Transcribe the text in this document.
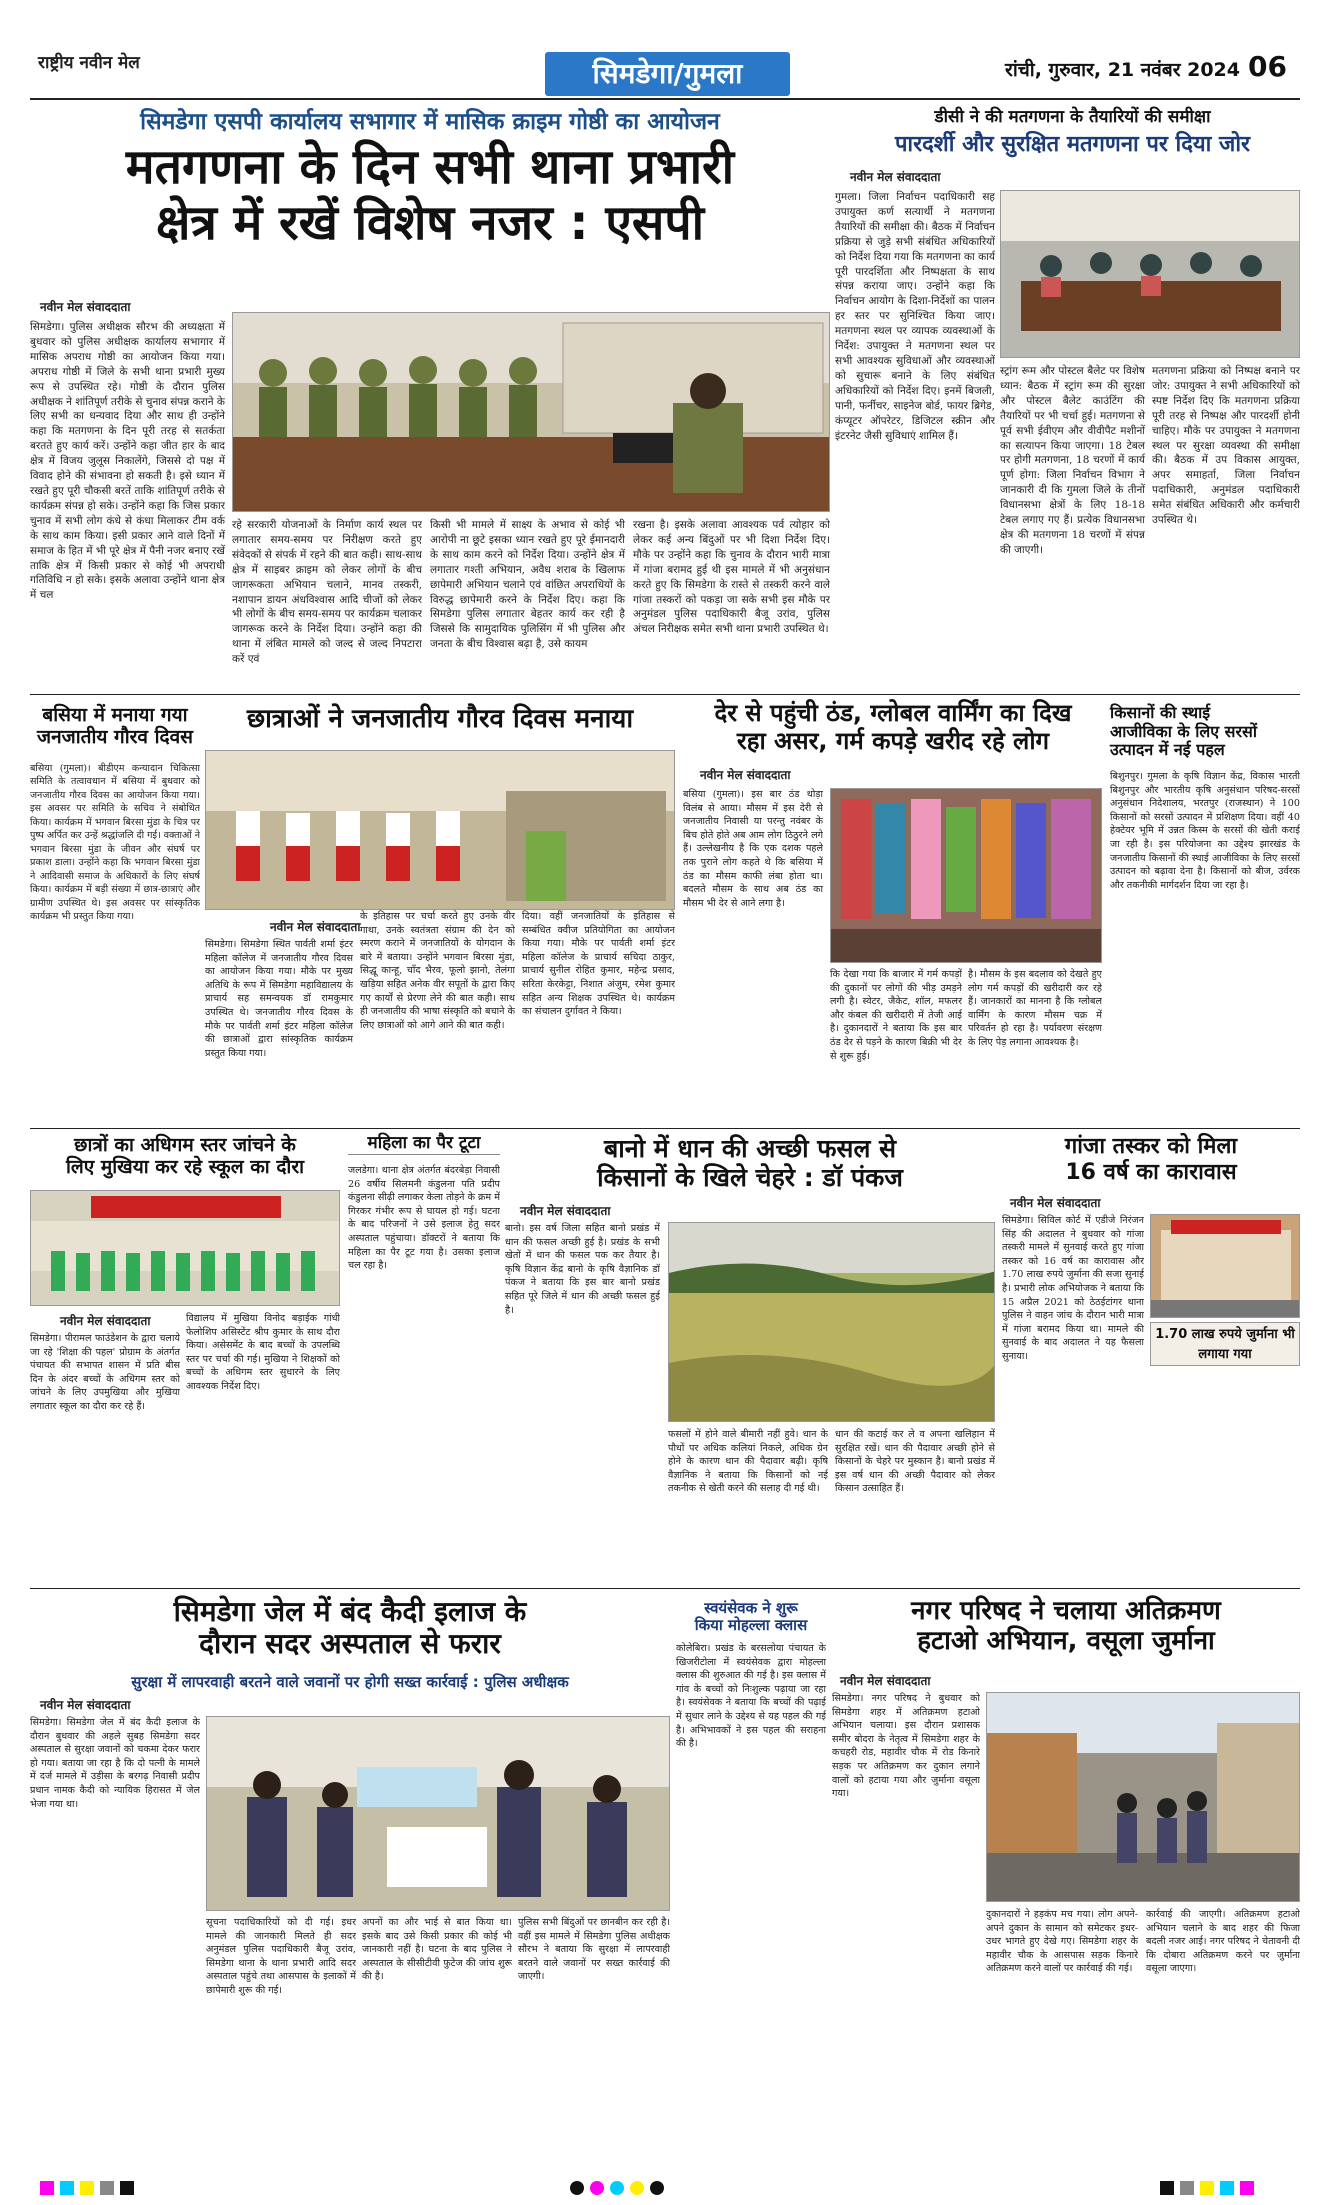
राष्ट्रीय नवीन मेल	सिमडेगा/गुमला	रांची, गुरुवार, 21 नवंबर 2024 06
सिमडेगा एसपी कार्यालय सभागार में मासिक क्राइम गोष्ठी का आयोजन
मतगणना के दिन सभी थाना प्रभारी
क्षेत्र में रखें विशेष नजर : एसपी
नवीन मेल संवाददाता
सिमडेगा। पुलिस अधीक्षक सौरभ की अध्यक्षता में बुधवार को पुलिस अधीक्षक कार्यालय सभागार में मासिक अपराध गोष्ठी का आयोजन किया गया। अपराध गोष्ठी में जिले के सभी थाना प्रभारी मुख्य रूप से उपस्थित रहे। गोष्ठी के दौरान पुलिस अधीक्षक ने शांतिपूर्ण तरीके से चुनाव संपन्न कराने के लिए सभी का धन्यवाद दिया और साथ ही उन्होंने कहा कि मतगणना के दिन पूरी तरह से सतर्कता बरतते हुए कार्य करें। उन्होंने कहा जीत हार के बाद क्षेत्र में विजय जुलूस निकालेंगे, जिससे दो पक्ष में विवाद होने की संभावना हो सकती है। इसे ध्यान में रखते हुए पूरी चौकसी बरतें ताकि शांतिपूर्ण तरीके से कार्यक्रम संपन्न हो सके। उन्होंने कहा कि जिस प्रकार चुनाव में सभी लोग कंधे से कंधा मिलाकर टीम वर्क के साथ काम किया। इसी प्रकार आने वाले दिनों में समाज के हित में भी पूरे क्षेत्र में पैनी नजर बनाए रखें ताकि क्षेत्र में किसी प्रकार से कोई भी अपराधी गतिविधि न हो सके। इसके अलावा उन्होंने थाना क्षेत्र में चल
रहे सरकारी योजनाओं के निर्माण कार्य स्थल पर लगातार समय-समय पर निरीक्षण करते हुए संवेदकों से संपर्क में रहने की बात कही। साथ-साथ क्षेत्र में साइबर क्राइम को लेकर लोगों के बीच जागरूकता अभियान चलाने, मानव तस्करी, नशापान डायन अंधविश्वास आदि चीजों को लेकर भी लोगों के बीच समय-समय पर कार्यक्रम चलाकर जागरूक करने के निर्देश दिया। उन्होंने कहा की थाना में लंबित मामले को जल्द से जल्द निपटारा करें एवं
किसी भी मामले में साक्ष्य के अभाव से कोई भी आरोपी ना छूटे इसका ध्यान रखते हुए पूरे ईमानदारी के साथ काम करने को निर्देश दिया। उन्होंने क्षेत्र में लगातार गश्ती अभियान, अवैध शराब के खिलाफ छापेमारी अभियान चलाने एवं वांछित अपराधियों के विरुद्ध छापेमारी करने के निर्देश दिए। कहा कि सिमडेगा पुलिस लगातार बेहतर कार्य कर रही है जिससे कि सामुदायिक पुलिसिंग में भी पुलिस और जनता के बीच विश्वास बढ़ा है, उसे कायम
रखना है। इसके अलावा आवश्यक पर्व त्योहार को लेकर कई अन्य बिंदुओं पर भी दिशा निर्देश दिए। मौके पर उन्होंने कहा कि चुनाव के दौरान भारी मात्रा में गांजा बरामद हुई थी इस मामले में भी अनुसंधान करते हुए कि सिमडेगा के रास्ते से तस्करी करने वाले गांजा तस्करों को पकड़ा जा सके सभी इस मौके पर अनुमंडल पुलिस पदाधिकारी बैजू उरांव, पुलिस अंचल निरीक्षक समेत सभी थाना प्रभारी उपस्थित थे।
डीसी ने की मतगणना के तैयारियों की समीक्षा
पारदर्शी और सुरक्षित मतगणना पर दिया जोर
नवीन मेल संवाददाता
गुमला। जिला निर्वाचन पदाधिकारी सह उपायुक्त कर्ण सत्यार्थी ने मतगणना तैयारियों की समीक्षा की। बैठक में निर्वाचन प्रक्रिया से जुड़े सभी संबंधित अधिकारियों को निर्देश दिया गया कि मतगणना का कार्य पूरी पारदर्शिता और निष्पक्षता के साथ संपन्न कराया जाए। उन्होंने कहा कि निर्वाचन आयोग के दिशा-निर्देशों का पालन हर स्तर पर सुनिश्चित किया जाए। मतगणना स्थल पर व्यापक व्यवस्थाओं के निर्देश: उपायुक्त ने मतगणना स्थल पर सभी आवश्यक सुविधाओं और व्यवस्थाओं को सुचारू बनाने के लिए संबंधित अधिकारियों को निर्देश दिए। इनमें बिजली, पानी, फर्नीचर, साइनेज बोर्ड, फायर ब्रिगेड, कंप्यूटर ऑपरेटर, डिजिटल स्क्रीन और इंटरनेट जैसी सुविधाएं शामिल हैं।
स्ट्रांग रूम और पोस्टल बैलेट पर विशेष ध्यान: बैठक में स्ट्रांग रूम की सुरक्षा और पोस्टल बैलेट काउंटिंग की तैयारियों पर भी चर्चा हुई। मतगणना से पूर्व सभी ईवीएम और वीवीपैट मशीनों का सत्यापन किया जाएगा। 18 टेबल पर होगी मतगणना, 18 चरणों में कार्य पूर्ण होगा: जिला निर्वाचन विभाग ने जानकारी दी कि गुमला जिले के तीनों विधानसभा क्षेत्रों के लिए 18-18 टेबल लगाए गए हैं। प्रत्येक विधानसभा क्षेत्र की मतगणना 18 चरणों में संपन्न की जाएगी।
मतगणना प्रक्रिया को निष्पक्ष बनाने पर जोर: उपायुक्त ने सभी अधिकारियों को स्पष्ट निर्देश दिए कि मतगणना प्रक्रिया पूरी तरह से निष्पक्ष और पारदर्शी होनी चाहिए। मौके पर उपायुक्त ने मतगणना स्थल पर सुरक्षा व्यवस्था की समीक्षा की। बैठक में उप विकास आयुक्त, अपर समाहर्ता, जिला निर्वाचन पदाधिकारी, अनुमंडल पदाधिकारी समेत संबंधित अधिकारी और कर्मचारी उपस्थित थे।
बसिया में मनाया गया
जनजातीय गौरव दिवस
बसिया (गुमला)। बीडीएम कन्यादान चिकित्सा समिति के तत्वावधान में बसिया में बुधवार को जनजातीय गौरव दिवस का आयोजन किया गया। इस अवसर पर समिति के सचिव ने संबोधित किया। कार्यक्रम में भगवान बिरसा मुंडा के चित्र पर पुष्प अर्पित कर उन्हें श्रद्धांजलि दी गई। वक्ताओं ने भगवान बिरसा मुंडा के जीवन और संघर्ष पर प्रकाश डाला। उन्होंने कहा कि भगवान बिरसा मुंडा ने आदिवासी समाज के अधिकारों के लिए संघर्ष किया। कार्यक्रम में बड़ी संख्या में छात्र-छात्राएं और ग्रामीण उपस्थित थे। इस अवसर पर सांस्कृतिक कार्यक्रम भी प्रस्तुत किया गया।
छात्राओं ने जनजातीय गौरव दिवस मनाया
नवीन मेल संवाददाता
सिमडेगा। सिमडेगा स्थित पार्वती शर्मा इंटर महिला कॉलेज में जनजातीय गौरव दिवस का आयोजन किया गया। मौके पर मुख्य अतिथि के रूप में सिमडेगा महाविद्यालय के प्राचार्य सह समन्वयक डॉ रामकुमार उपस्थित थे। जनजातीय गौरव दिवस के मौके पर पार्वती शर्मा इंटर महिला कॉलेज की छात्राओं द्वारा सांस्कृतिक कार्यक्रम प्रस्तुत किया गया।
के इतिहास पर चर्चा करते हुए उनके वीर गाथा, उनके स्वतंत्रता संग्राम की देन को स्मरण कराने में जनजातियों के योगदान के बारे में बताया। उन्होंने भगवान बिरसा मुंडा, सिद्धू कान्हू, चाँद भैरव, फूलो झानो, तेलंगा खड़िया सहित अनेक वीर सपूतों के द्वारा किए गए कार्यों से प्रेरणा लेने की बात कही। साथ ही जनजातीय की भाषा संस्कृति को बचाने के लिए छात्राओं को आगे आने की बात कही।
दिया। वहीं जनजातियों के इतिहास से सम्बंधित क्वीज प्रतियोगिता का आयोजन किया गया। मौके पर पार्वती शर्मा इंटर महिला कॉलेज के प्राचार्य सचिदा ठाकुर, प्राचार्य सुनील रोहित कुमार, महेन्द्र प्रसाद, सरिता केरकेट्टा, निशात अंजुम, रमेश कुमार सहित अन्य शिक्षक उपस्थित थे। कार्यक्रम का संचालन दुर्गावत ने किया।
देर से पहुंची ठंड, ग्लोबल वार्मिंग का दिख
रहा असर, गर्म कपड़े खरीद रहे लोग
नवीन मेल संवाददाता
बसिया (गुमला)। इस बार ठंड थोड़ा विलंब से आया। मौसम में इस देरी से जनजातीय निवासी या परन्तु नवंबर के बिच होते होते अब आम लोग ठिठुरने लगे हैं। उल्लेखनीय है कि एक दशक पहले तक पुराने लोग कहते थे कि बसिया में ठंड का मौसम काफी लंबा होता था। बदलते मौसम के साथ अब ठंड का मौसम भी देर से आने लगा है।
कि देखा गया कि बाजार में गर्म कपड़ों की दुकानों पर लोगों की भीड़ उमड़ने लगी है। स्वेटर, जैकेट, शॉल, मफलर और कंबल की खरीदारी में तेजी आई है। दुकानदारों ने बताया कि इस बार ठंड देर से पड़ने के कारण बिक्री भी देर से शुरू हुई।
है। मौसम के इस बदलाव को देखते हुए लोग गर्म कपड़ों की खरीदारी कर रहे हैं। जानकारों का मानना है कि ग्लोबल वार्मिंग के कारण मौसम चक्र में परिवर्तन हो रहा है। पर्यावरण संरक्षण के लिए पेड़ लगाना आवश्यक है।
किसानों की स्थाई
आजीविका के लिए सरसों
उत्पादन में नई पहल
बिशुनपुर। गुमला के कृषि विज्ञान केंद्र, विकास भारती बिशुनपुर और भारतीय कृषि अनुसंधान परिषद-सरसों अनुसंधान निदेशालय, भरतपुर (राजस्थान) ने 100 किसानों को सरसों उत्पादन में प्रशिक्षण दिया। वहीं 40 हेक्टेयर भूमि में उन्नत किस्म के सरसों की खेती कराई जा रही है। इस परियोजना का उद्देश्य झारखंड के जनजातीय किसानों की स्थाई आजीविका के लिए सरसों उत्पादन को बढ़ावा देना है। किसानों को बीज, उर्वरक और तकनीकी मार्गदर्शन दिया जा रहा है।
छात्रों का अधिगम स्तर जांचने के
लिए मुखिया कर रहे स्कूल का दौरा
नवीन मेल संवाददाता
सिमडेगा। पीरामल फाउंडेशन के द्वारा चलाये जा रहे 'शिक्षा की पहल' प्रोग्राम के अंतर्गत पंचायत की सभापत शासन में प्रति बीस दिन के अंदर बच्चों के अधिगम स्तर को जांचने के लिए उपमुखिया और मुखिया लगातार स्कूल का दौरा कर रहे हैं।
विद्यालय में मुखिया विनोद बड़ाईक गांधी फेलोशिप असिस्टेंट श्रीप कुमार के साथ दौरा किया। असेसमेंट के बाद बच्चों के उपलब्धि स्तर पर चर्चा की गई। मुखिया ने शिक्षकों को बच्चों के अधिगम स्तर सुधारने के लिए आवश्यक निर्देश दिए।
महिला का पैर टूटा
जलडेगा। थाना क्षेत्र अंतर्गत बंदरबेड़ा निवासी 26 वर्षीय सिलमनी कंडुलना पति प्रदीप कंडुलना सीढ़ी लगाकर केला तोड़ने के क्रम में गिरकर गंभीर रूप से घायल हो गई। घटना के बाद परिजनों ने उसे इलाज हेतु सदर अस्पताल पहुंचाया। डॉक्टरों ने बताया कि महिला का पैर टूट गया है। उसका इलाज चल रहा है।
बानो में धान की अच्छी फसल से
किसानों के खिले चेहरे : डॉ पंकज
नवीन मेल संवाददाता
बानो। इस वर्ष जिला सहित बानो प्रखंड में धान की फसल अच्छी हुई है। प्रखंड के सभी खेतों में धान की फसल पक कर तैयार है। कृषि विज्ञान केंद्र बानो के कृषि वैज्ञानिक डॉ पंकज ने बताया कि इस बार बानो प्रखंड सहित पूरे जिले में धान की अच्छी फसल हुई है।
फसलों में होने वाले बीमारी नहीं हुवे। धान के पौधों पर अधिक कलियां निकले, अधिक ग्रेन होने के कारण धान की पैदावार बढ़ी। कृषि वैज्ञानिक ने बताया कि किसानों को नई तकनीक से खेती करने की सलाह दी गई थी।
धान की कटाई कर ले व अपना खलिहान में सुरक्षित रखें। धान की पैदावार अच्छी होने से किसानों के चेहरे पर मुस्कान है। बानो प्रखंड में इस वर्ष धान की अच्छी पैदावार को लेकर किसान उत्साहित हैं।
गांजा तस्कर को मिला
16 वर्ष का कारावास
नवीन मेल संवाददाता
सिमडेगा। सिविल कोर्ट में एडीजे निरंजन सिंह की अदालत ने बुधवार को गांजा तस्करी मामले में सुनवाई करते हुए गांजा तस्कर को 16 वर्ष का कारावास और 1.70 लाख रुपये जुर्माना की सजा सुनाई है। प्रभारी लोक अभियोजक ने बताया कि 15 अप्रैल 2021 को ठेठईटांगर थाना पुलिस ने वाहन जांच के दौरान भारी मात्रा में गांजा बरामद किया था। मामले की सुनवाई के बाद अदालत ने यह फैसला सुनाया।
1.70 लाख रुपये जुर्माना भी लगाया गया
सिमडेगा जेल में बंद कैदी इलाज के
दौरान सदर अस्पताल से फरार
सुरक्षा में लापरवाही बरतने वाले जवानों पर होगी सख्त कार्रवाई : पुलिस अधीक्षक
नवीन मेल संवाददाता
सिमडेगा। सिमडेगा जेल में बंद कैदी इलाज के दौरान बुधवार की अहले सुबह सिमडेगा सदर अस्पताल से सुरक्षा जवानों को चकमा देकर फरार हो गया। बताया जा रहा है कि दो पत्नी के मामले में दर्ज मामले में उड़ीसा के बरगढ़ निवासी प्रदीप प्रधान नामक कैदी को न्यायिक हिरासत में जेल भेजा गया था।
सूचना पदाधिकारियों को दी गई। इधर मामले की जानकारी मिलते ही सदर अनुमंडल पुलिस पदाधिकारी बैजू उरांव, सिमडेगा थाना के थाना प्रभारी आदि सदर अस्पताल पहुंचे तथा आसपास के इलाकों में छापेमारी शुरू की गई।
अपनों का और भाई से बात किया था। इसके बाद उसे किसी प्रकार की कोई भी जानकारी नहीं है। घटना के बाद पुलिस ने अस्पताल के सीसीटीवी फुटेज की जांच शुरू की है।
पुलिस सभी बिंदुओं पर छानबीन कर रही है। वहीं इस मामले में सिमडेगा पुलिस अधीक्षक सौरभ ने बताया कि सुरक्षा में लापरवाही बरतने वाले जवानों पर सख्त कार्रवाई की जाएगी।
स्वयंसेवक ने शुरू
किया मोहल्ला क्लास
कोलेबिरा। प्रखंड के बरसलोया पंचायत के खिजरीटोला में स्वयंसेवक द्वारा मोहल्ला क्लास की शुरुआत की गई है। इस क्लास में गांव के बच्चों को निःशुल्क पढ़ाया जा रहा है। स्वयंसेवक ने बताया कि बच्चों की पढ़ाई में सुधार लाने के उद्देश्य से यह पहल की गई है। अभिभावकों ने इस पहल की सराहना की है।
नगर परिषद ने चलाया अतिक्रमण
हटाओ अभियान, वसूला जुर्माना
नवीन मेल संवाददाता
सिमडेगा। नगर परिषद ने बुधवार को सिमडेगा शहर में अतिक्रमण हटाओ अभियान चलाया। इस दौरान प्रशासक समीर बोदरा के नेतृत्व में सिमडेगा शहर के कचहरी रोड, महावीर चौक में रोड किनारे सड़क पर अतिक्रमण कर दुकान लगाने वालों को हटाया गया और जुर्माना वसूला गया।
दुकानदारों ने हड़कंप मच गया। लोग अपने-अपने दुकान के सामान को समेटकर इधर-उधर भागते हुए देखे गए। सिमडेगा शहर के महावीर चौक के आसपास सड़क किनारे अतिक्रमण करने वालों पर कार्रवाई की गई।
कार्रवाई की जाएगी। अतिक्रमण हटाओ अभियान चलाने के बाद शहर की फिजा बदली नजर आई। नगर परिषद ने चेतावनी दी कि दोबारा अतिक्रमण करने पर जुर्माना वसूला जाएगा।
